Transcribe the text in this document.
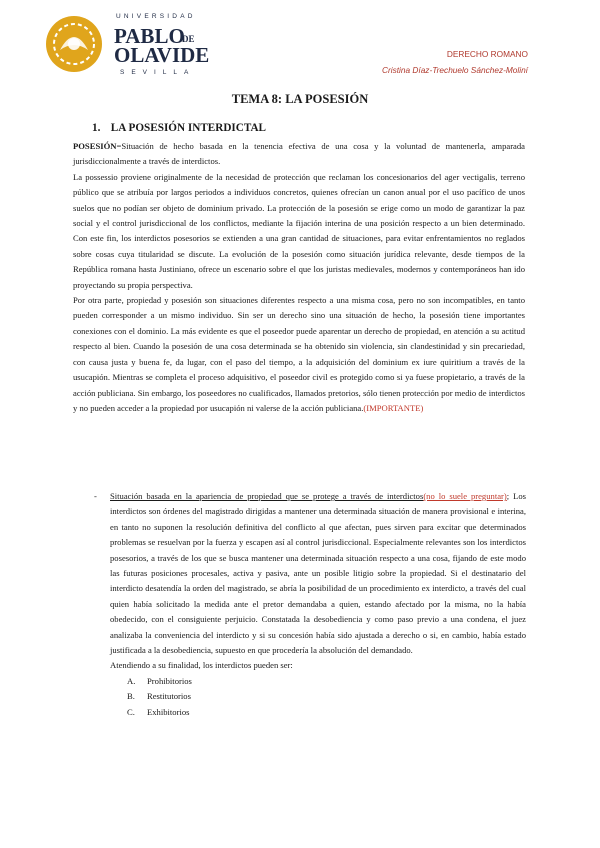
UNIVERSIDAD
PABLO
DE
OLAVIDE
SEVILLA
DERECHO ROMANO
Cristina Díaz-Trechuelo Sánchez-Moliní
TEMA 8: LA POSESIÓN
1. LA POSESIÓN INTERDICTAL

POSESIÓN=Situación de hecho basada en la tenencia efectiva de una cosa y la voluntad de mantenerla, amparada jurisdiccionalmente a través de interdictos.

La possessio proviene originalmente de la necesidad de protección que reclaman los concesionarios del ager vectigalis, terreno público que se atribuía por largos periodos a individuos concretos, quienes ofrecían un canon anual por el uso pacífico de unos suelos que no podían ser objeto de dominium privado. La protección de la posesión se erige como un modo de garantizar la paz social y el control jurisdiccional de los conflictos, mediante la fijación interina de una posición respecto a un bien determinado. Con este fin, los interdictos posesorios se extienden a una gran cantidad de situaciones, para evitar enfrentamientos no reglados sobre cosas cuya titularidad se discute. La evolución de la posesión como situación jurídica relevante, desde tiempos de la República romana hasta Justiniano, ofrece un escenario sobre el que los juristas medievales, modernos y contemporáneos han ido proyectando su propia perspectiva.

Por otra parte, propiedad y posesión son situaciones diferentes respecto a una misma cosa, pero no son incompatibles, en tanto pueden corresponder a un mismo individuo. Sin ser un derecho sino una situación de hecho, la posesión tiene importantes conexiones con el dominio. La más evidente es que el poseedor puede aparentar un derecho de propiedad, en atención a su actitud respecto al bien. Cuando la posesión de una cosa determinada se ha obtenido sin violencia, sin clandestinidad y sin precariedad, con causa justa y buena fe, da lugar, con el paso del tiempo, a la adquisición del dominium ex iure quiritium a través de la usucapión. Mientras se completa el proceso adquisitivo, el poseedor civil es protegido como si ya fuese propietario, a través de la acción publiciana. Sin embargo, los poseedores no cualificados, llamados pretorios, sólo tienen protección por medio de interdictos y no pueden acceder a la propiedad por usucapión ni valerse de la acción publiciana.(IMPORTANTE)

-	Situación basada en la apariencia de propiedad que se protege a través de interdictos(no lo suele preguntar); Los interdictos son órdenes del magistrado dirigidas a mantener una determinada situación de manera provisional e interina, en tanto no suponen la resolución definitiva del conflicto al que afectan, pues sirven para excitar que determinados problemas se resuelvan por la fuerza y escapen así al control jurisdiccional. Especialmente relevantes son los interdictos posesorios, a través de los que se busca mantener una determinada situación respecto a una cosa, fijando de este modo las futuras posiciones procesales, activa y pasiva, ante un posible litigio sobre la propiedad. Si el destinatario del interdicto desatendía la orden del magistrado, se abría la posibilidad de un procedimiento ex interdicto, a través del cual quien había solicitado la medida ante el pretor demandaba a quien, estando afectado por la misma, no la había obedecido, con el consiguiente perjuicio. Constatada la desobediencia y como paso previo a una condena, el juez analizaba la conveniencia del interdicto y si su concesión había sido ajustada a derecho o si, en cambio, había estado justificada a la desobediencia, supuesto en que procedería la absolución del demandado.
Atendiendo a su finalidad, los interdictos pueden ser:
A.	Prohibitorios
B.	Restitutorios
C.	Exhibitorios
